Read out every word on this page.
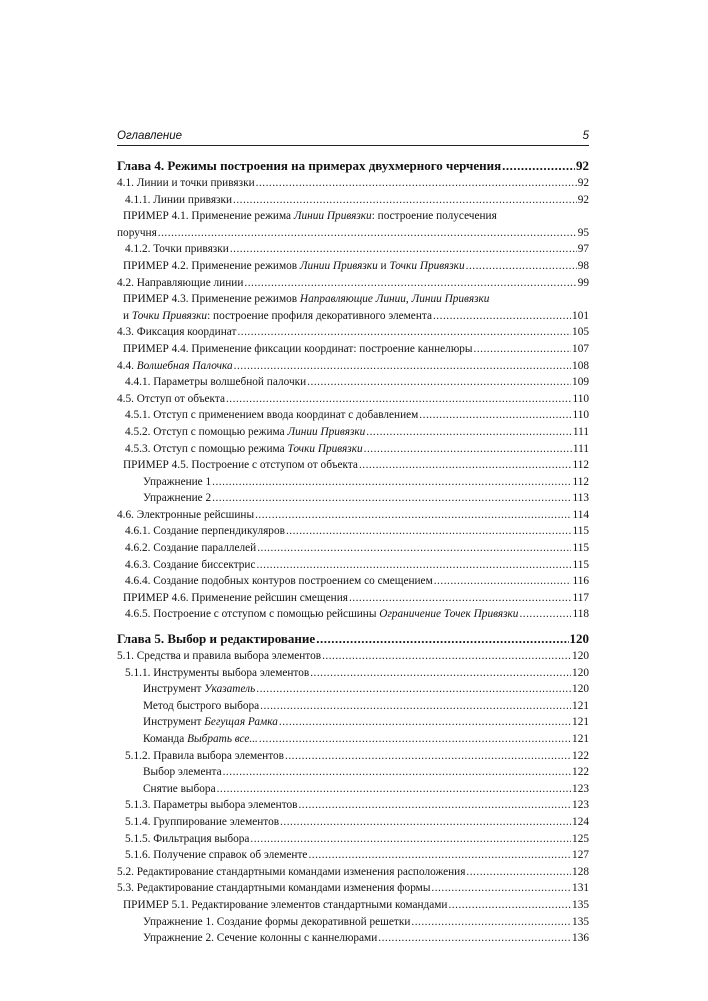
Оглавление	5
Глава 4. Режимы построения на примерах двухмерного черчения .....	92
4.1. Линии и точки привязки .....	92
4.1.1. Линии привязки .....	92
ПРИМЕР 4.1. Применение режима Линии Привязки: построение полусечения
поручня .....	95
4.1.2. Точки привязки .....	97
ПРИМЕР 4.2. Применение режимов Линии Привязки и Точки Привязки .....	98
4.2. Направляющие линии .....	99
ПРИМЕР 4.3. Применение режимов Направляющие Линии, Линии Привязки
и Точки Привязки: построение профиля декоративного элемента .....	101
4.3. Фиксация координат .....	105
ПРИМЕР 4.4. Применение фиксации координат: построение каннелюры .....	107
4.4. Волшебная Палочка .....	108
4.4.1. Параметры волшебной палочки .....	109
4.5. Отступ от объекта .....	110
4.5.1. Отступ с применением ввода координат с добавлением .....	110
4.5.2. Отступ с помощью режима Линии Привязки .....	111
4.5.3. Отступ с помощью режима Точки Привязки .....	111
ПРИМЕР 4.5. Построение с отступом от объекта .....	112
Упражнение 1 .....	112
Упражнение 2 .....	113
4.6. Электронные рейсшины .....	114
4.6.1. Создание перпендикуляров .....	115
4.6.2. Создание параллелей .....	115
4.6.3. Создание биссектрис .....	115
4.6.4. Создание подобных контуров построением со смещением .....	116
ПРИМЕР 4.6. Применение рейсшин смещения .....	117
4.6.5. Построение с отступом с помощью рейсшины Ограничение Точек Привязки .....	118
Глава 5. Выбор и редактирование .....	120
5.1. Средства и правила выбора элементов .....	120
5.1.1. Инструменты выбора элементов .....	120
Инструмент Указатель .....	120
Метод быстрого выбора .....	121
Инструмент Бегущая Рамка .....	121
Команда Выбрать все... .....	121
5.1.2. Правила выбора элементов .....	122
Выбор элемента .....	122
Снятие выбора .....	123
5.1.3. Параметры выбора элементов .....	123
5.1.4. Группирование элементов .....	124
5.1.5. Фильтрация выбора .....	125
5.1.6. Получение справок об элементе .....	127
5.2. Редактирование стандартными командами изменения расположения .....	128
5.3. Редактирование стандартными командами изменения формы .....	131
ПРИМЕР 5.1. Редактирование элементов стандартными командами .....	135
Упражнение 1. Создание формы декоративной решетки .....	135
Упражнение 2. Сечение колонны с каннелюрами .....	136
